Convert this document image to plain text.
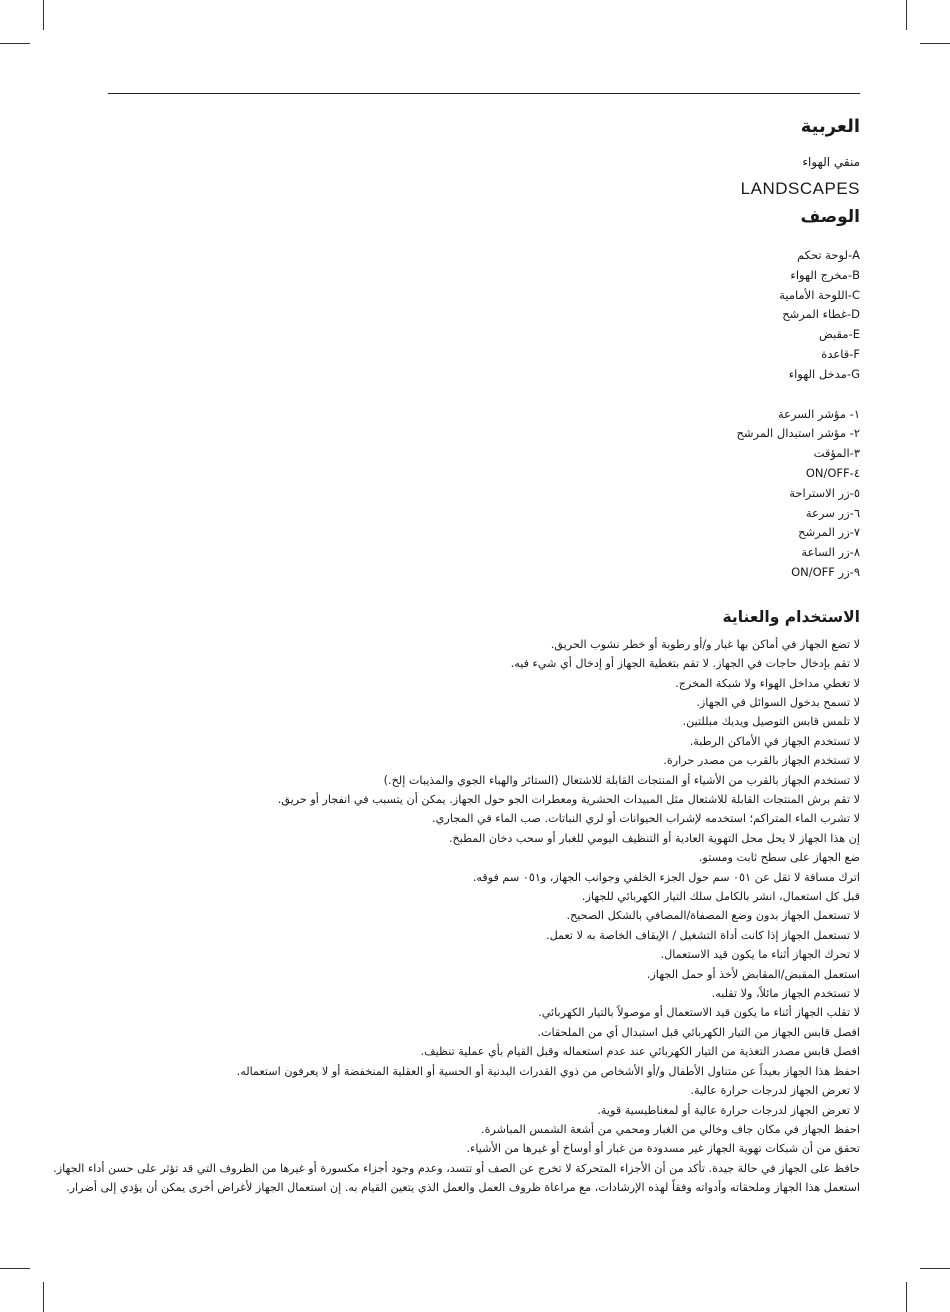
العربية
منقي الهواء
LANDSCAPES
الوصف
A-لوحة تحكم
B-مخرج الهواء
C-اللوحة الأمامية
D-غطاء المرشح
E-مقبض
F-قاعدة
G-مدخل الهواء
١- مؤشر السرعة
٢- مؤشر استبدال المرشح
٣-المؤقت
٤-ON/OFF
٥-زر الاستراحة
٦-زر سرعة
٧-زر المرشح
٨-زر الساعة
٩-زر ON/OFF
الاستخدام والعناية
لا تضع الجهاز في أماكن بها غبار و/أو رطوبة أو خطر نشوب الحريق.
لا تقم بإدخال حاجات في الجهاز. لا تقم بتغطية الجهاز أو إدخال أي شيء فيه.
لا تغطي مداخل الهواء ولا شبكة المخرج.
لا تسمح بدخول السوائل في الجهاز.
لا تلمس قابس التوصيل ويديك مبللتين.
لا تستخدم الجهاز في الأماكن الرطبة.
لا تستخدم الجهاز بالقرب من مصدر حرارة.
لا تستخدم الجهاز بالقرب من الأشياء أو المنتجات القابلة للاشتعال (الستائر والهباء الجوي والمذيبات إلخ.)
لا تقم برش المنتجات القابلة للاشتعال مثل المبيدات الحشرية ومعطرات الجو حول الجهاز. يمكن أن يتسبب في انفجار أو حريق.
لا تشرب الماء المتراكم؛ استخدمه لإشراب الحيوانات أو لري النباتات. صب الماء في المجاري.
إن هذا الجهاز لا يحل محل التهوية العادية أو التنظيف اليومي للغبار أو سحب دخان المطبخ.
ضع الجهاز على سطح ثابت ومستو.
اترك مسافة لا تقل عن ٠٥١ سم حول الجزء الخلفي وجوانب الجهاز، و٠٥١ سم فوقه.
قبل كل استعمال، انشر بالكامل سلك التيار الكهربائي للجهاز.
لا تستعمل الجهاز بدون وضع المصفاة/المصافي بالشكل الصحيح.
لا تستعمل الجهاز إذا كانت أداة التشغيل / الإيقاف الخاصة به لا تعمل.
لا تحرك الجهاز أثناء ما يكون قيد الاستعمال.
استعمل المقبض/المقابض لأخذ أو حمل الجهاز.
لا تستخدم الجهاز مائلاً، ولا تقلبه.
لا تقلب الجهاز أثناء ما يكون قيد الاستعمال أو موصولاً بالتيار الكهربائي.
افصل قابس الجهاز من التيار الكهربائي قبل استبدال أي من الملحقات.
افصل قابس مصدر التغذية من التيار الكهربائي عند عدم استعماله وقبل القيام بأي عملية تنظيف.
احفظ هذا الجهاز بعيداً عن متناول الأطفال و/أو الأشخاص من ذوي القدرات البدنية أو الحسية أو العقلية المنخفضة أو لا يعرفون استعماله.
لا تعرض الجهاز لدرجات حرارة عالية.
لا تعرض الجهاز لدرجات حرارة عالية أو لمغناطيسية قوية.
احفظ الجهاز في مكان جاف وخالي من الغبار ومحمي من أشعة الشمس المباشرة.
تحقق من أن شبكات تهوية الجهاز غير مسدودة من غبار أو أوساخ أو غيرها من الأشياء.
حافظ على الجهاز في حالة جيدة. تأكد من أن الأجزاء المتحركة لا تخرج عن الصف أو تتسد، وعدم وجود أجزاء مكسورة أو غيرها من الظروف التي قد تؤثر على حسن أداء الجهاز.
استعمل هذا الجهاز وملحقاته وأدواته وفقاً لهذه الإرشادات، مع مراعاة ظروف العمل والعمل الذي يتعين القيام به. إن استعمال الجهاز لأغراض أخرى يمكن أن يؤدي إلى أضرار.
